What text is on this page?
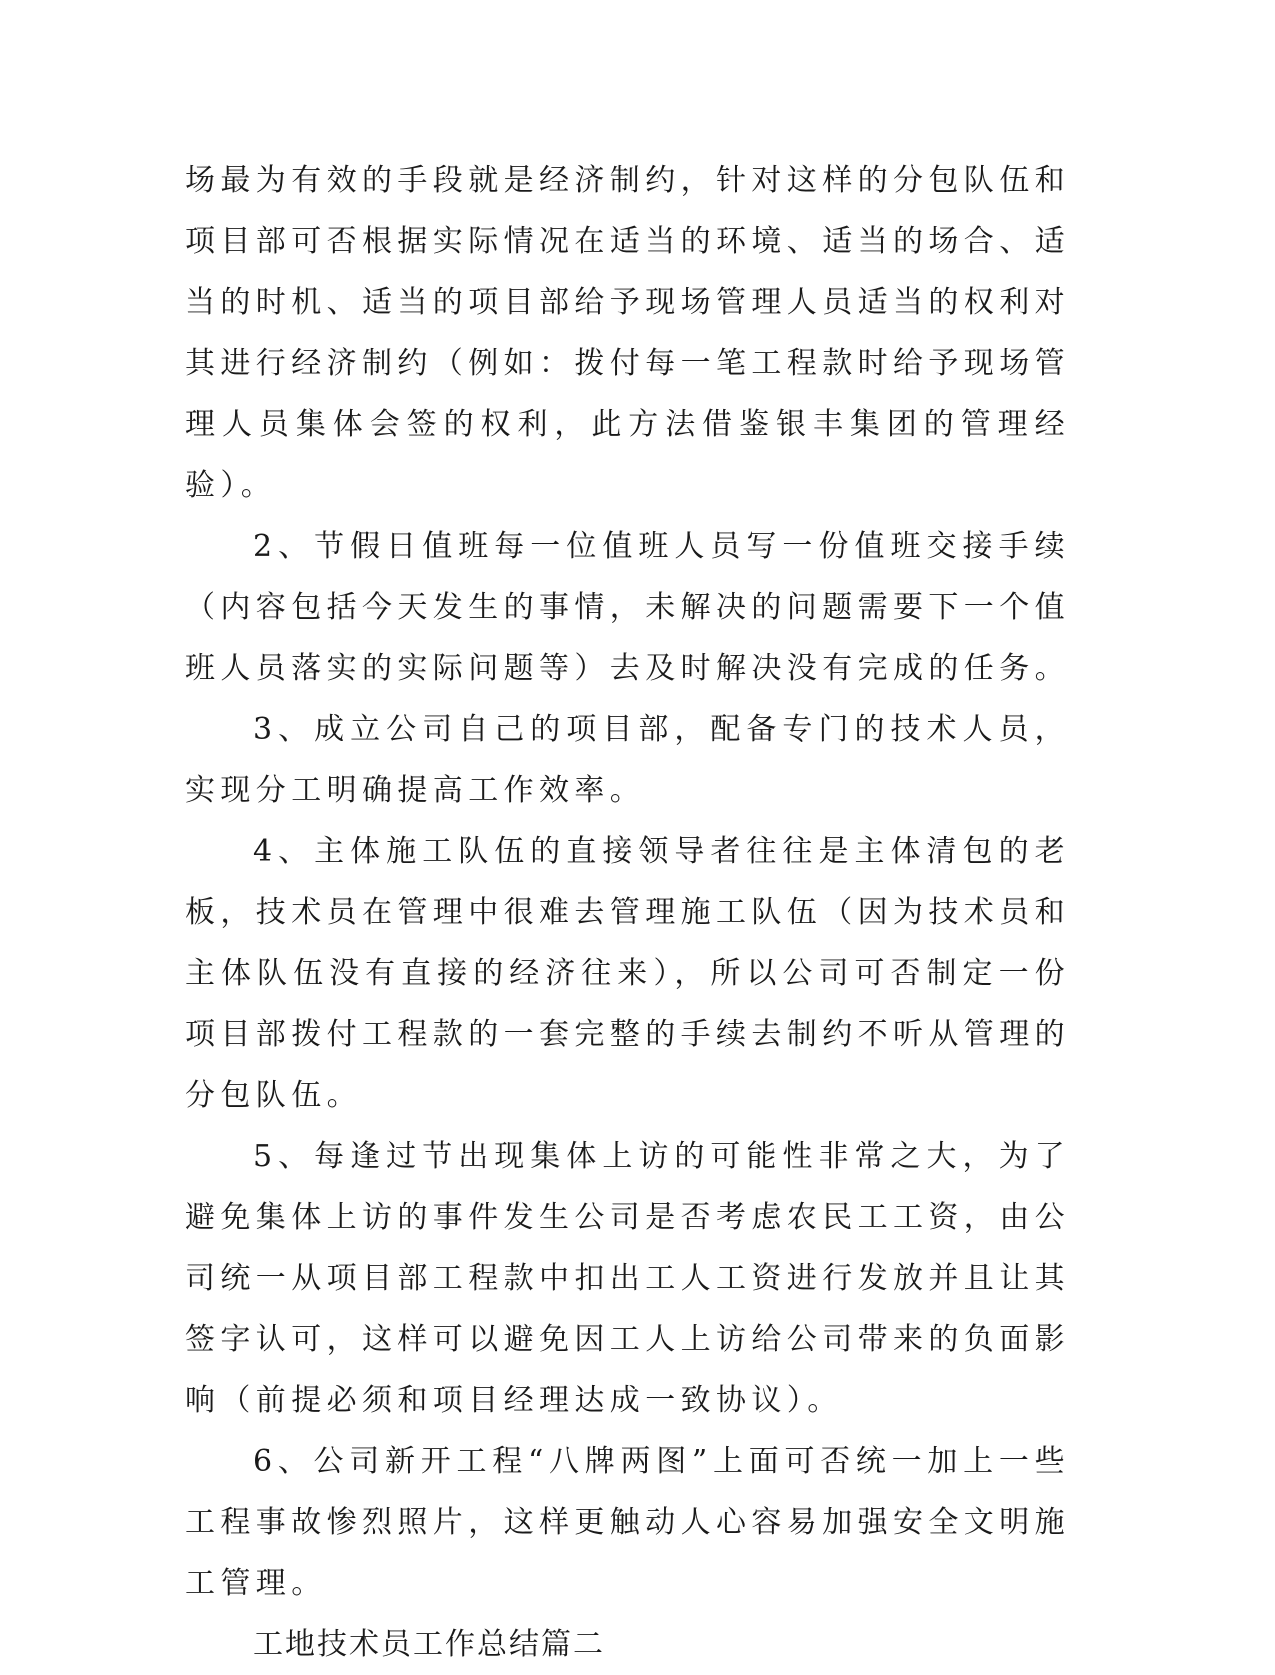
场最为有效的手段就是经济制约，针对这样的分包队伍和项目部可否根据实际情况在适当的环境、适当的场合、适当的时机、适当的项目部给予现场管理人员适当的权利对其进行经济制约（例如：拨付每一笔工程款时给予现场管理人员集体会签的权利，此方法借鉴银丰集团的管理经验）。

2、节假日值班每一位值班人员写一份值班交接手续（内容包括今天发生的事情，未解决的问题需要下一个值班人员落实的实际问题等）去及时解决没有完成的任务。

3、成立公司自己的项目部，配备专门的技术人员，实现分工明确提高工作效率。

4、主体施工队伍的直接领导者往往是主体清包的老板，技术员在管理中很难去管理施工队伍（因为技术员和主体队伍没有直接的经济往来），所以公司可否制定一份项目部拨付工程款的一套完整的手续去制约不听从管理的分包队伍。

5、每逢过节出现集体上访的可能性非常之大，为了避免集体上访的事件发生公司是否考虑农民工工资，由公司统一从项目部工程款中扣出工人工资进行发放并且让其签字认可，这样可以避免因工人上访给公司带来的负面影响（前提必须和项目经理达成一致协议）。

6、公司新开工程“八牌两图”上面可否统一加上一些工程事故惨烈照片，这样更触动人心容易加强安全文明施工管理。

工地技术员工作总结篇二
